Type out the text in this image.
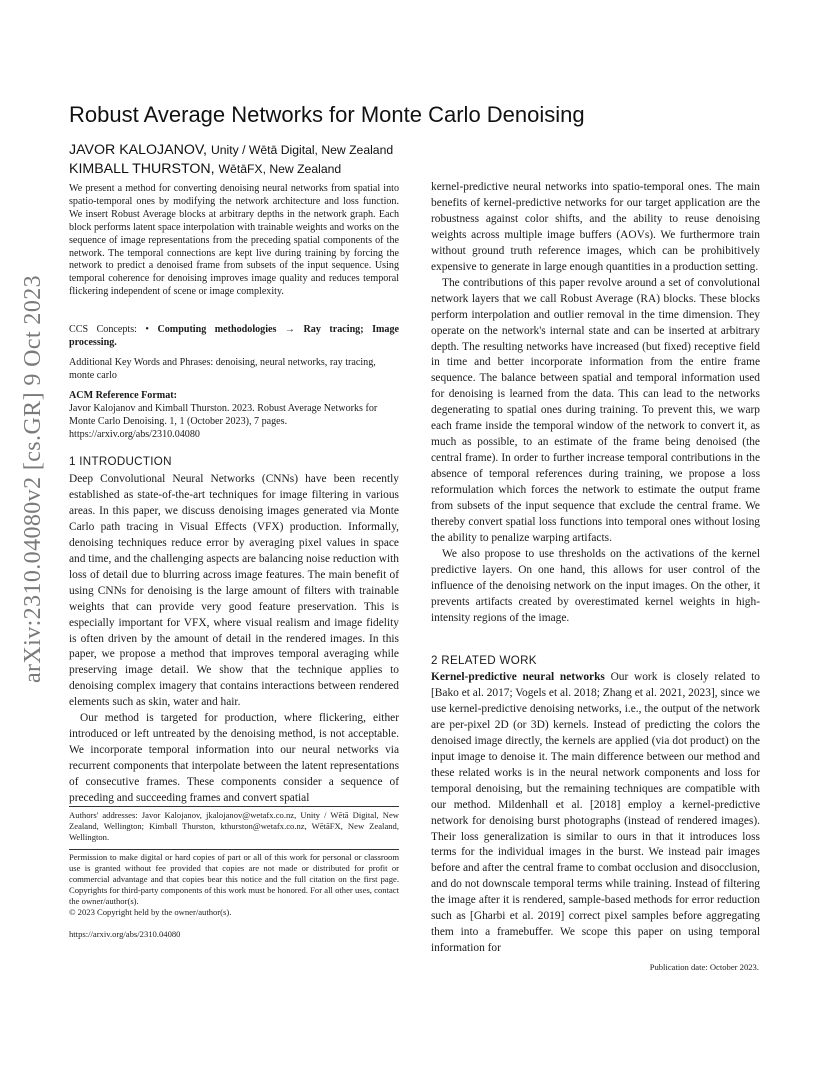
arXiv:2310.04080v2 [cs.GR] 9 Oct 2023
Robust Average Networks for Monte Carlo Denoising
JAVOR KALOJANOV, Unity / Wētā Digital, New Zealand
KIMBALL THURSTON, WētāFX, New Zealand
We present a method for converting denoising neural networks from spatial into spatio-temporal ones by modifying the network architecture and loss function. We insert Robust Average blocks at arbitrary depths in the network graph. Each block performs latent space interpolation with trainable weights and works on the sequence of image representations from the preceding spatial components of the network. The temporal connections are kept live during training by forcing the network to predict a denoised frame from subsets of the input sequence. Using temporal coherence for denoising improves image quality and reduces temporal flickering independent of scene or image complexity.
CCS Concepts: • Computing methodologies → Ray tracing; Image processing.
Additional Key Words and Phrases: denoising, neural networks, ray tracing, monte carlo
ACM Reference Format:
Javor Kalojanov and Kimball Thurston. 2023. Robust Average Networks for Monte Carlo Denoising. 1, 1 (October 2023), 7 pages. https://arxiv.org/abs/2310.04080
1 INTRODUCTION

Deep Convolutional Neural Networks (CNNs) have been recently established as state-of-the-art techniques for image filtering in various areas. In this paper, we discuss denoising images generated via Monte Carlo path tracing in Visual Effects (VFX) production. Informally, denoising techniques reduce error by averaging pixel values in space and time, and the challenging aspects are balancing noise reduction with loss of detail due to blurring across image features. The main benefit of using CNNs for denoising is the large amount of filters with trainable weights that can provide very good feature preservation. This is especially important for VFX, where visual realism and image fidelity is often driven by the amount of detail in the rendered images. In this paper, we propose a method that improves temporal averaging while preserving image detail. We show that the technique applies to denoising complex imagery that contains interactions between rendered elements such as skin, water and hair.

Our method is targeted for production, where flickering, either introduced or left untreated by the denoising method, is not acceptable. We incorporate temporal information into our neural networks via recurrent components that interpolate between the latent representations of consecutive frames. These components consider a sequence of preceding and succeeding frames and convert spatial

Authors' addresses: Javor Kalojanov, jkalojanov@wetafx.co.nz, Unity / Wētā Digital, New Zealand, Wellington; Kimball Thurston, kthurston@wetafx.co.nz, WētāFX, New Zealand, Wellington.
Permission to make digital or hard copies of part or all of this work for personal or classroom use is granted without fee provided that copies are not made or distributed for profit or commercial advantage and that copies bear this notice and the full citation on the first page. Copyrights for third-party components of this work must be honored. For all other uses, contact the owner/author(s).
© 2023 Copyright held by the owner/author(s).
https://arxiv.org/abs/2310.04080

kernel-predictive neural networks into spatio-temporal ones. The main benefits of kernel-predictive networks for our target application are the robustness against color shifts, and the ability to reuse denoising weights across multiple image buffers (AOVs). We furthermore train without ground truth reference images, which can be prohibitively expensive to generate in large enough quantities in a production setting.

The contributions of this paper revolve around a set of convolutional network layers that we call Robust Average (RA) blocks. These blocks perform interpolation and outlier removal in the time dimension. They operate on the network's internal state and can be inserted at arbitrary depth. The resulting networks have increased (but fixed) receptive field in time and better incorporate information from the entire frame sequence. The balance between spatial and temporal information used for denoising is learned from the data. This can lead to the networks degenerating to spatial ones during training. To prevent this, we warp each frame inside the temporal window of the network to convert it, as much as possible, to an estimate of the frame being denoised (the central frame). In order to further increase temporal contributions in the absence of temporal references during training, we propose a loss reformulation which forces the network to estimate the output frame from subsets of the input sequence that exclude the central frame. We thereby convert spatial loss functions into temporal ones without losing the ability to penalize warping artifacts.

We also propose to use thresholds on the activations of the kernel predictive layers. On one hand, this allows for user control of the influence of the denoising network on the input images. On the other, it prevents artifacts created by overestimated kernel weights in high-intensity regions of the image.

2 RELATED WORK

Kernel-predictive neural networks Our work is closely related to [Bako et al. 2017; Vogels et al. 2018; Zhang et al. 2021, 2023], since we use kernel-predictive denoising networks, i.e., the output of the network are per-pixel 2D (or 3D) kernels. Instead of predicting the colors the denoised image directly, the kernels are applied (via dot product) on the input image to denoise it. The main difference between our method and these related works is in the neural network components and loss for temporal denoising, but the remaining techniques are compatible with our method. Mildenhall et al. [2018] employ a kernel-predictive network for denoising burst photographs (instead of rendered images). Their loss generalization is similar to ours in that it introduces loss terms for the individual images in the burst. We instead pair images before and after the central frame to combat occlusion and disocclusion, and do not downscale temporal terms while training. Instead of filtering the image after it is rendered, sample-based methods for error reduction such as [Gharbi et al. 2019] correct pixel samples before aggregating them into a framebuffer. We scope this paper on using temporal information for

Publication date: October 2023.
